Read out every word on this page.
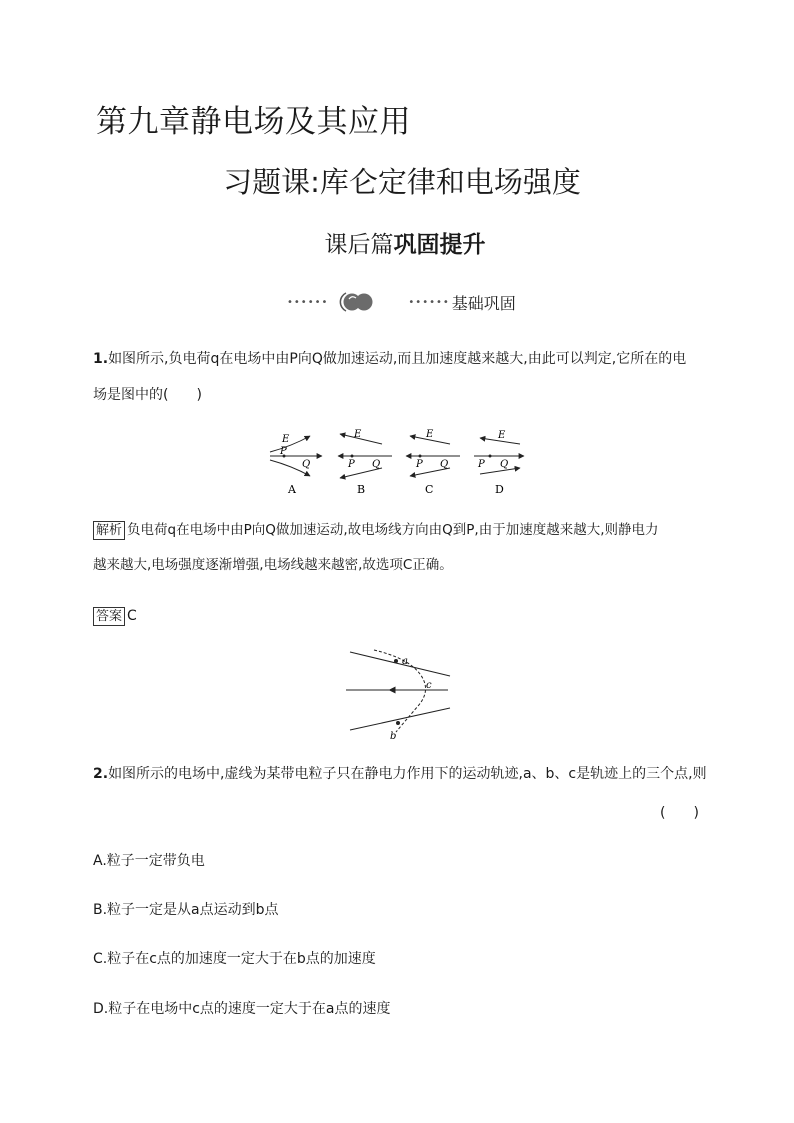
第九章静电场及其应用
习题课:库仑定律和电场强度
课后篇巩固提升
••••••	•••••• 基础巩固
1.如图所示,负电荷q在电场中由P向Q做加速运动,而且加速度越来越大,由此可以判定,它所在的电
场是图中的(　　)
E
P
Q
A
E
P Q
B
E
P Q
C
E
P Q
D
解析 负电荷q在电场中由P向Q做加速运动,故电场线方向由Q到P,由于加速度越来越大,则静电力
越来越大,电场强度逐渐增强,电场线越来越密,故选项C正确。
答案 C
a
c
b
2.如图所示的电场中,虚线为某带电粒子只在静电力作用下的运动轨迹,a、b、c是轨迹上的三个点,则
(　　)
A.粒子一定带负电
B.粒子一定是从a点运动到b点
C.粒子在c点的加速度一定大于在b点的加速度
D.粒子在电场中c点的速度一定大于在a点的速度
